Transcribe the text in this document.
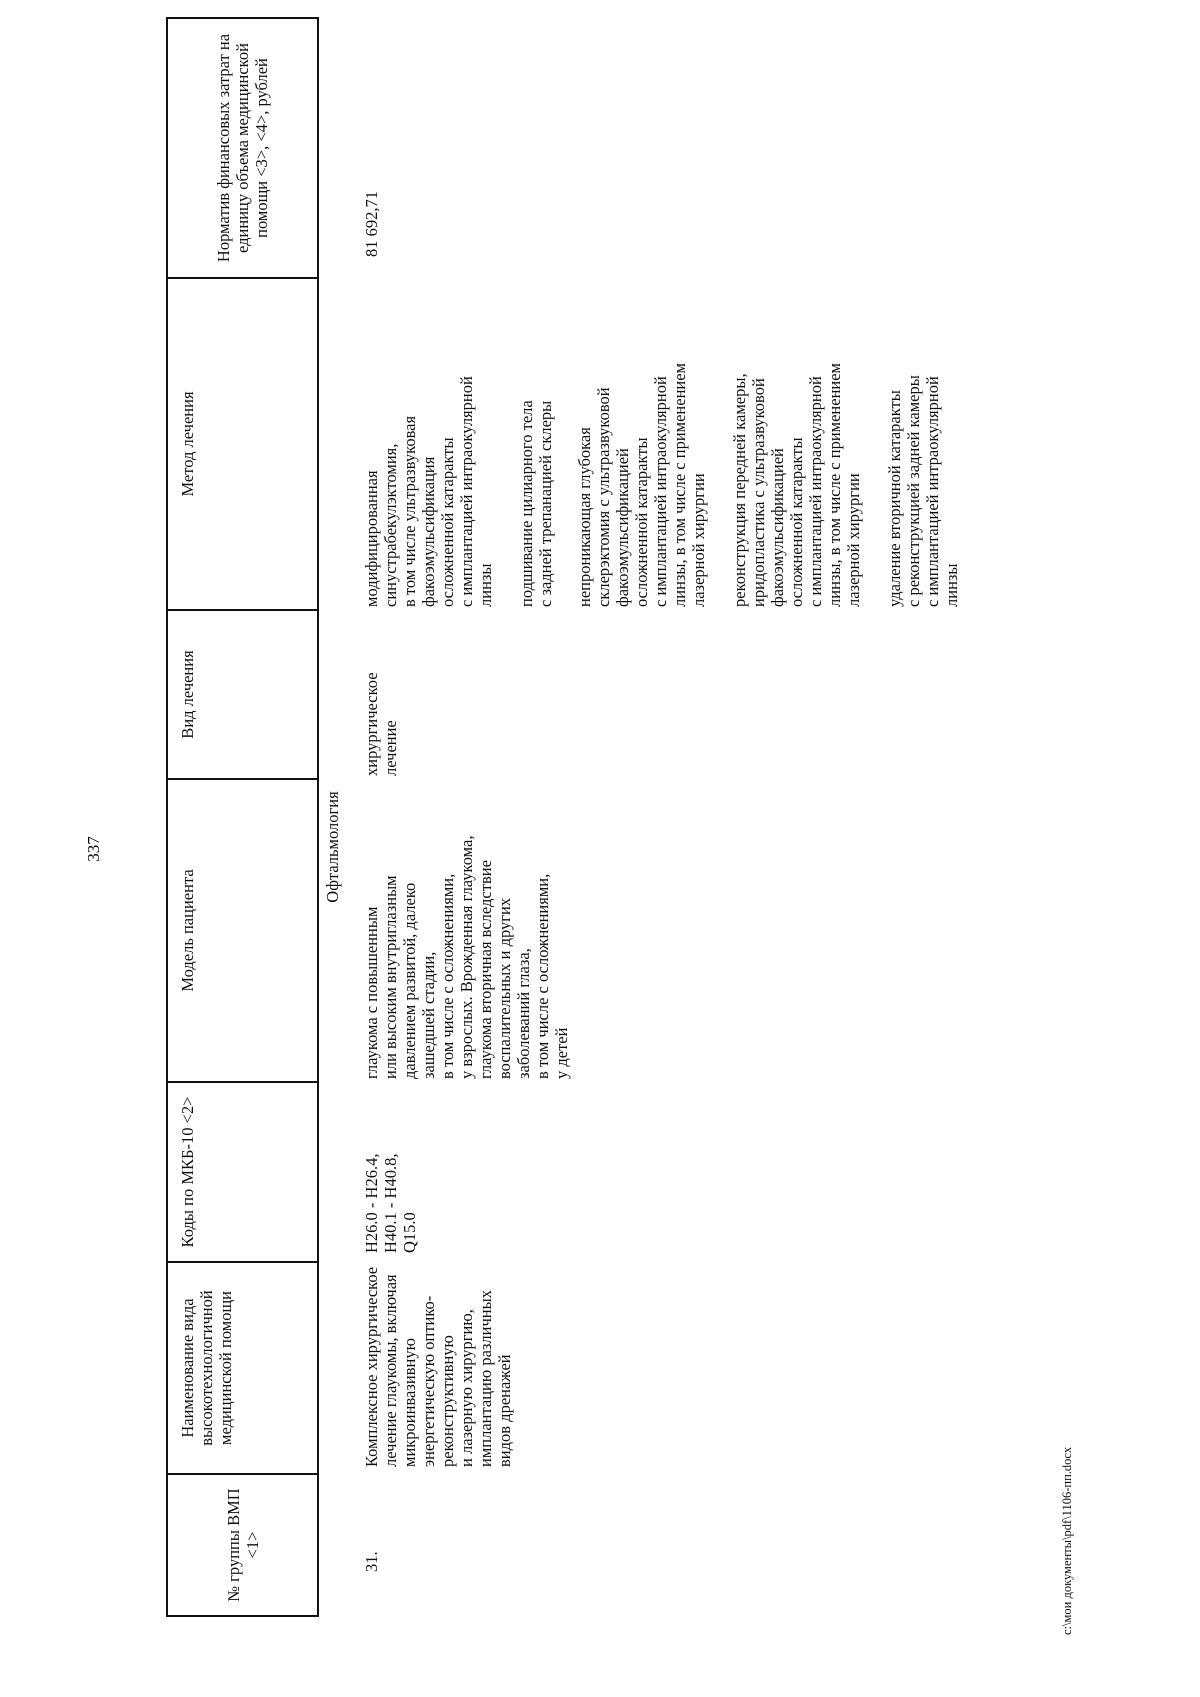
337
№ группы ВМП <1>
Наименование вида высокотехнологичной медицинской помощи
Коды по МКБ-10 <2>
Модель пациента
Вид лечения
Метод лечения
Норматив финансовых затрат на единицу объема медицинской помощи <3>, <4>, рублей
Офтальмология
31.
Комплексное хирургическое
лечение глаукомы, включая
микроинвазивную
энергетическую оптико-
реконструктивную
и лазерную хирургию,
имплантацию различных
видов дренажей
H26.0 - H26.4,
H40.1 - H40.8,
Q15.0
глаукома с повышенным
или высоким внутриглазным
давлением развитой, далеко
зашедшей стадии,
в том числе с осложнениями,
у взрослых. Врожденная глаукома,
глаукома вторичная вследствие
воспалительных и других
заболеваний глаза,
в том числе с осложнениями,
у детей
хирургическое
лечение
модифицированная
синустрабекулэктомия,
в том числе ультразвуковая
факоэмульсификация
осложненной катаракты
с имплантацией интраокулярной
линзы подшивание цилиарного тела
с задней трепанацией склеры
непроникающая глубокая
склерэктомия с ультразвуковой
факоэмульсификацией
осложненной катаракты
с имплантацией интраокулярной
линзы, в том числе с применением
лазерной хирургии реконструкция передней камеры,
иридопластика с ультразвуковой
факоэмульсификацией
осложненной катаракты
с имплантацией интраокулярной
линзы, в том числе с применением
лазерной хирургии
удаление вторичной катаракты
с реконструкцией задней камеры
с имплантацией интраокулярной
линзы
81 692,71
c:\мои документы\pdf\1106-пп.docx
